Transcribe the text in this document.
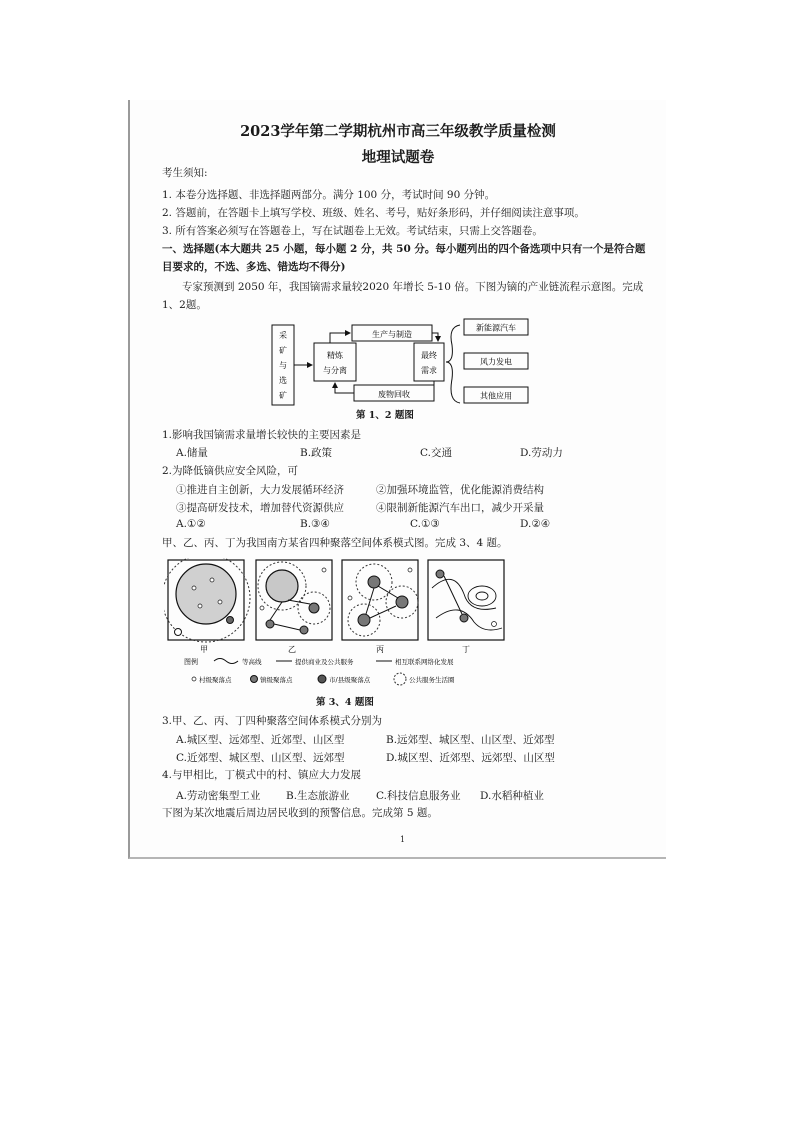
2023学年第二学期杭州市高三年级教学质量检测
地理试题卷
考生须知:
1. 本卷分选择题、非选择题两部分。满分 100 分，考试时间 90 分钟。
2. 答题前，在答题卡上填写学校、班级、姓名、考号，贴好条形码，并仔细阅读注意事项。
3. 所有答案必须写在答题卷上，写在试题卷上无效。考试结束，只需上交答题卷。
一、选择题(本大题共 25 小题，每小题 2 分，共 50 分。每小题列出的四个备选项中只有一个是符合题
目要求的，不选、多选、错选均不得分)
专家预测到 2050 年，我国镝需求量较2020 年增长 5-10 倍。下图为镝的产业链流程示意图。完成
1、2题。
采
矿
与
选
矿
精炼
与分离
生产与制造
最终
需求
废物回收
新能源汽车
风力发电
其他应用
第 1、2 题图
1.影响我国镝需求量增长较快的主要因素是
A.储量	B.政策	C.交通	D.劳动力
2.为降低镝供应安全风险，可
①推进自主创新，大力发展循环经济	②加强环境监管，优化能源消费结构
③提高研发技术，增加替代资源供应	④限制新能源汽车出口，减少开采量
A.①②	B.③④	C.①③	D.②④
甲、乙、丙、丁为我国南方某省四种聚落空间体系模式图。完成 3、4 题。
甲	乙	丙	丁
图例	等高线	提供商业及公共服务	相互联系网络化发展
村级聚落点	镇级聚落点	市/县级聚落点	公共服务生活圈
第 3、4 题图
3.甲、乙、丙、丁四种聚落空间体系模式分别为
A.城区型、远郊型、近郊型、山区型	B.远郊型、城区型、山区型、近郊型
C.近郊型、城区型、山区型、远郊型	D.城区型、近郊型、远郊型、山区型
4.与甲相比，丁模式中的村、镇应大力发展
A.劳动密集型工业 B.生态旅游业	C.科技信息服务业 D.水稻种植业
下图为某次地震后周边居民收到的预警信息。完成第 5 题。
1
